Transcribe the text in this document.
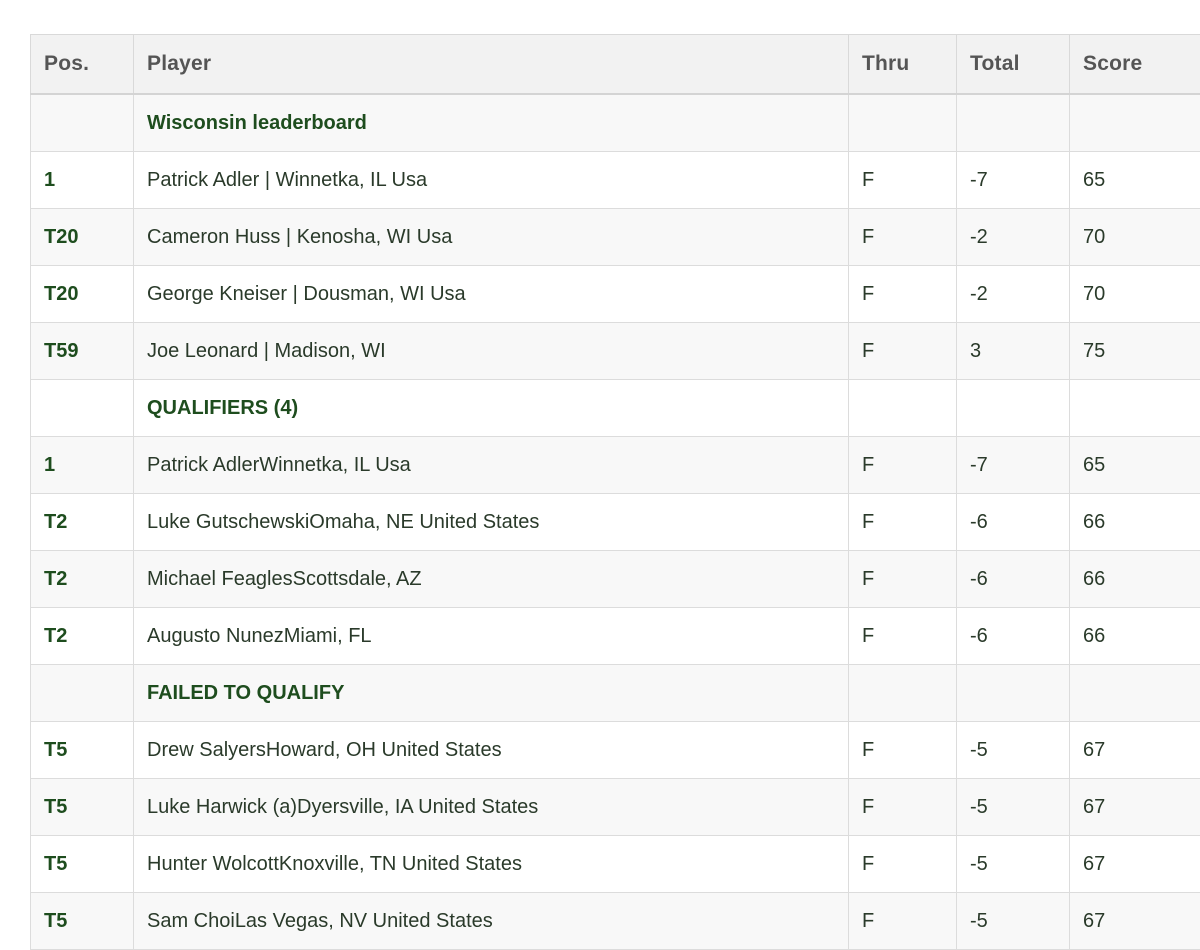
Pos.	Player	Thru	Total	Score
	Wisconsin leaderboard			
1	Patrick Adler | Winnetka, IL Usa	F	-7	65
T20	Cameron Huss | Kenosha, WI Usa	F	-2	70
T20	George Kneiser | Dousman, WI Usa	F	-2	70
T59	Joe Leonard | Madison, WI	F	3	75
	QUALIFIERS (4)			
1	Patrick AdlerWinnetka, IL Usa	F	-7	65
T2	Luke GutschewskiOmaha, NE United States	F	-6	66
T2	Michael FeaglesScottsdale, AZ	F	-6	66
T2	Augusto NunezMiami, FL	F	-6	66
	FAILED TO QUALIFY			
T5	Drew SalyersHoward, OH United States	F	-5	67
T5	Luke Harwick (a)Dyersville, IA United States	F	-5	67
T5	Hunter WolcottKnoxville, TN United States	F	-5	67
T5	Sam ChoiLas Vegas, NV United States	F	-5	67
